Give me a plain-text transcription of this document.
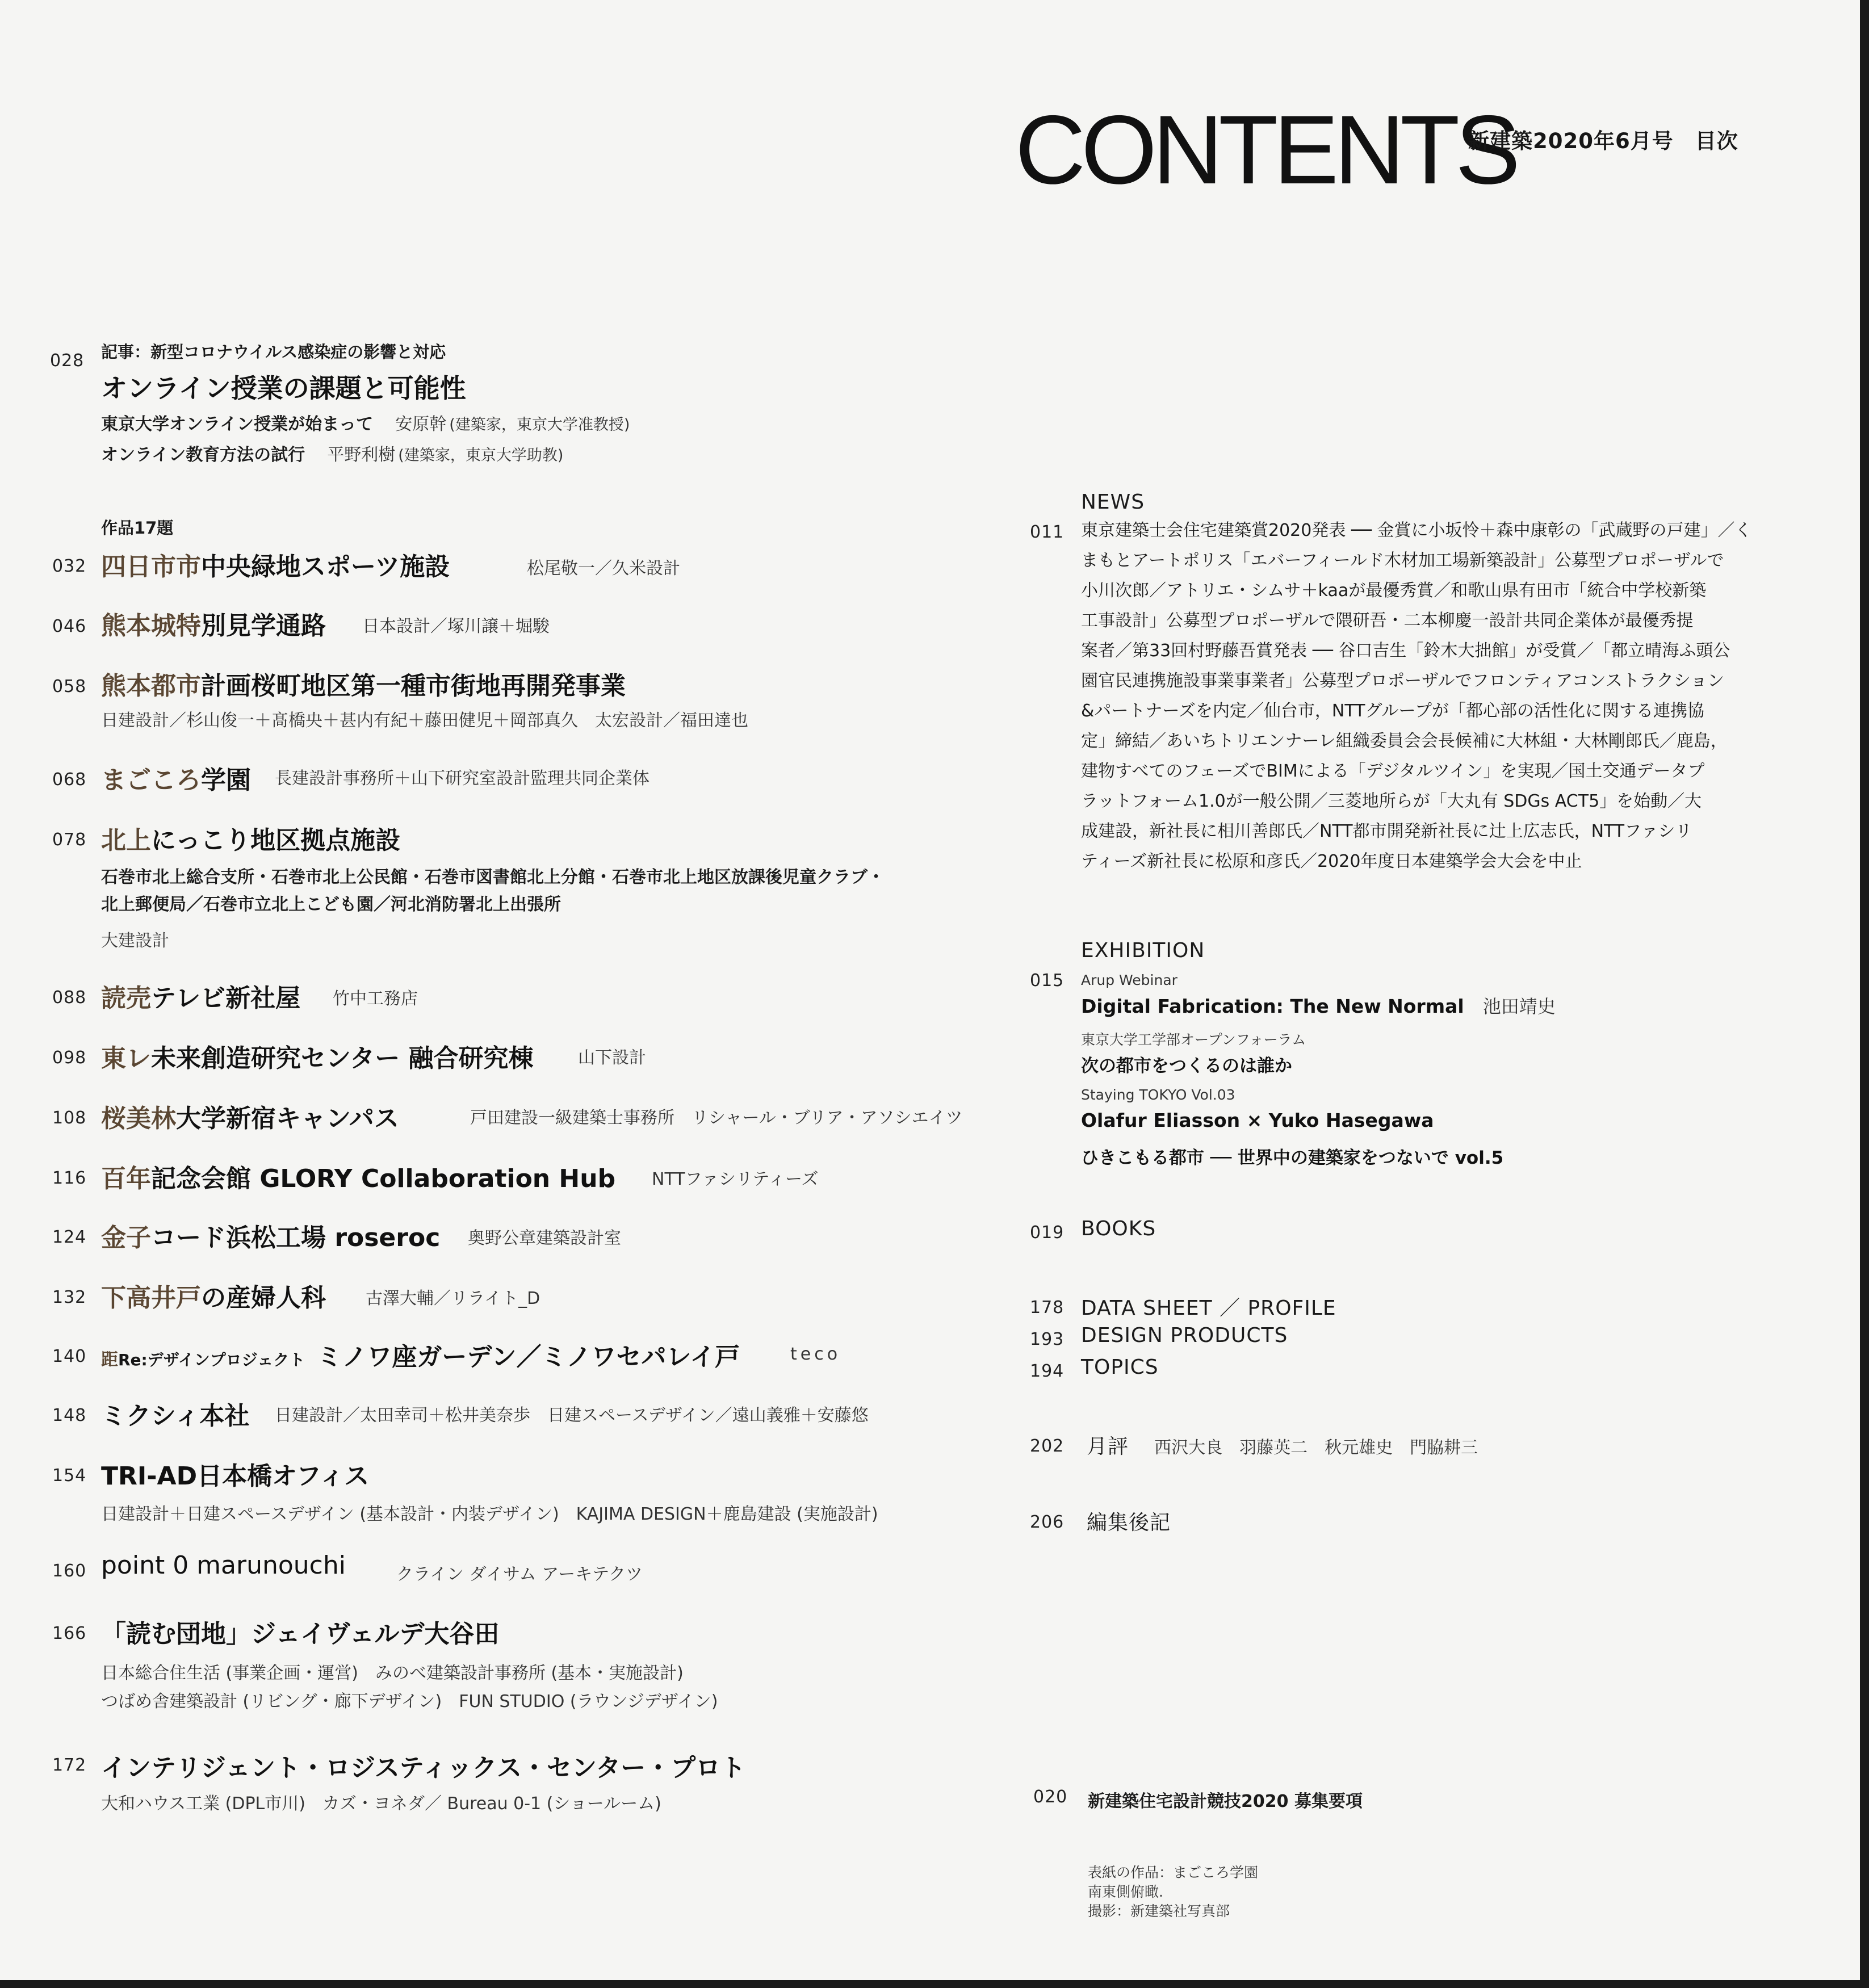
CONTENTS
新建築2020年6月号　目次
028 記事：新型コロナウイルス感染症の影響と対応
オンライン授業の課題と可能性
東京大学オンライン授業が始まって 安原幹 (建築家，東京大学准教授)
オンライン教育方法の試行 平野利樹 (建築家，東京大学助教)
作品17題
032 四日市市中央緑地スポーツ施設	松尾敬一／久米設計
046 熊本城特別見学通路 日本設計／塚川譲＋堀駿
058 熊本都市計画桜町地区第一種市街地再開発事業
日建設計／杉山俊一＋髙橋央＋甚内有紀＋藤田健児＋岡部真久　太宏設計／福田達也
068 まごころ学園 長建設計事務所＋山下研究室設計監理共同企業体
078 北上にっこり地区拠点施設
石巻市北上総合支所・石巻市北上公民館・石巻市図書館北上分館・石巻市北上地区放課後児童クラブ・
北上郵便局／石巻市立北上こども園／河北消防署北上出張所
大建設計
088 読売テレビ新社屋 竹中工務店
098 東レ未来創造研究センター 融合研究棟	山下設計
108 桜美林大学新宿キャンパス	戸田建設一級建築士事務所　リシャール・ブリア・アソシエイツ
116 百年記念会館 GLORY Collaboration Hub NTTファシリティーズ
124 金子コード浜松工場 roseroc 奥野公章建築設計室
132 下高井戸の産婦人科 古澤大輔／リライト_D
140 距Re:デザインプロジェクト ミノワ座ガーデン／ミノワセパレイ戸	teco
148 ミクシィ本社 日建設計／太田幸司＋松井美奈歩　日建スペースデザイン／遠山義雅＋安藤悠
154 TRI-AD日本橋オフィス
日建設計＋日建スペースデザイン (基本設計・内装デザイン)　KAJIMA DESIGN＋鹿島建設 (実施設計)
160 point 0 marunouchi	クライン ダイサム アーキテクツ
166 「読む団地」ジェイヴェルデ大谷田
日本総合住生活 (事業企画・運営)　みのべ建築設計事務所 (基本・実施設計)
つばめ舎建築設計 (リビング・廊下デザイン)　FUN STUDIO (ラウンジデザイン)
172 インテリジェント・ロジスティックス・センター・プロト
大和ハウス工業 (DPL市川)　カズ・ヨネダ／ Bureau 0-1 (ショールーム)
NEWS
011 東京建築士会住宅建築賞2020発表 ── 金賞に小坂怜＋森中康彰の「武蔵野の戸建」／く
まもとアートポリス「エバーフィールド木材加工場新築設計」公募型プロポーザルで
小川次郎／アトリエ・シムサ＋kaaが最優秀賞／和歌山県有田市「統合中学校新築
工事設計」公募型プロポーザルで隈研吾・二本柳慶一設計共同企業体が最優秀提
案者／第33回村野藤吾賞発表 ── 谷口吉生「鈴木大拙館」が受賞／「都立晴海ふ頭公
園官民連携施設事業事業者」公募型プロポーザルでフロンティアコンストラクション
&パートナーズを内定／仙台市，NTTグループが「都心部の活性化に関する連携協
定」締結／あいちトリエンナーレ組織委員会会長候補に大林組・大林剛郎氏／鹿島，
建物すべてのフェーズでBIMによる「デジタルツイン」を実現／国土交通データプ
ラットフォーム1.0が一般公開／三菱地所らが「大丸有 SDGs ACT5」を始動／大
成建設，新社長に相川善郎氏／NTT都市開発新社長に辻上広志氏，NTTファシリ
ティーズ新社長に松原和彦氏／2020年度日本建築学会大会を中止
EXHIBITION
015 Arup Webinar
Digital Fabrication: The New Normal 池田靖史
東京大学工学部オープンフォーラム
次の都市をつくるのは誰か
Staying TOKYO Vol.03
Olafur Eliasson × Yuko Hasegawa
ひきこもる都市 ── 世界中の建築家をつないで vol.5
019 BOOKS
178 DATA SHEET ／ PROFILE
193 DESIGN PRODUCTS
194 TOPICS
202 月評 西沢大良　羽藤英二　秋元雄史　門脇耕三
206 編集後記
020 新建築住宅設計競技2020 募集要項
表紙の作品：まごころ学園
南東側俯瞰.
撮影：新建築社写真部
